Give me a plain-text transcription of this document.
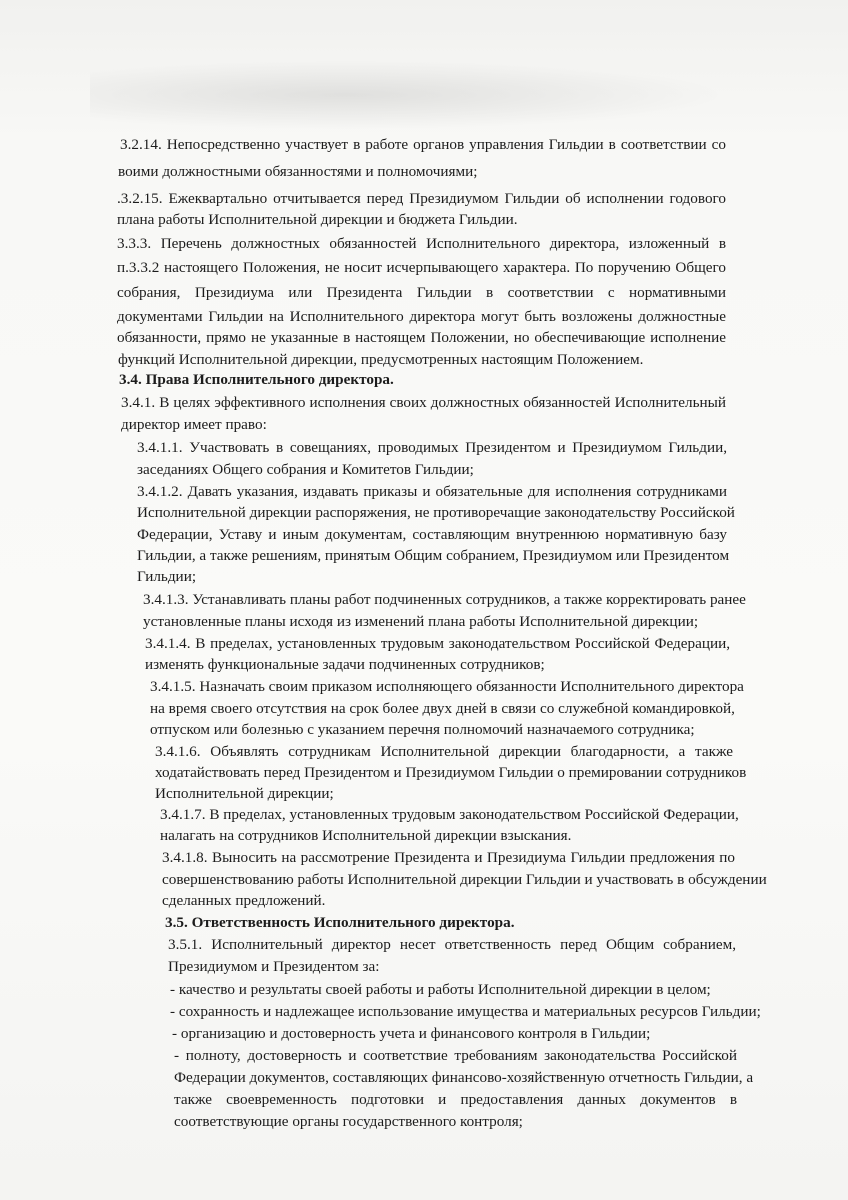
3.2.14. Непосредственно участвует в работе органов управления Гильдии в соответствии со
воими должностными обязанностями и полномочиями;
.3.2.15. Ежеквартально отчитывается перед Президиумом Гильдии об исполнении годового
плана работы Исполнительной дирекции и бюджета Гильдии.
3.3.3. Перечень должностных обязанностей Исполнительного директора, изложенный в
п.3.3.2 настоящего Положения, не носит исчерпывающего характера. По поручению Общего
собрания, Президиума или Президента Гильдии в соответствии с нормативными
документами Гильдии на Исполнительного директора могут быть возложены должностные
обязанности, прямо не указанные в настоящем Положении, но обеспечивающие исполнение
функций Исполнительной дирекции, предусмотренных настоящим Положением.
3.4. Права Исполнительного директора.
3.4.1. В целях эффективного исполнения своих должностных обязанностей Исполнительный
директор имеет право:
3.4.1.1. Участвовать в совещаниях, проводимых Президентом и Президиумом Гильдии,
заседаниях Общего собрания и Комитетов Гильдии;
3.4.1.2. Давать указания, издавать приказы и обязательные для исполнения сотрудниками
Исполнительной дирекции распоряжения, не противоречащие законодательству Российской
Федерации, Уставу и иным документам, составляющим внутреннюю нормативную базу
Гильдии, а также решениям, принятым Общим собранием, Президиумом или Президентом
Гильдии;
3.4.1.3. Устанавливать планы работ подчиненных сотрудников, а также корректировать ранее
установленные планы исходя из изменений плана работы Исполнительной дирекции;
3.4.1.4. В пределах, установленных трудовым законодательством Российской Федерации,
изменять функциональные задачи подчиненных сотрудников;
3.4.1.5. Назначать своим приказом исполняющего обязанности Исполнительного директора
на время своего отсутствия на срок более двух дней в связи со служебной командировкой,
отпуском или болезнью с указанием перечня полномочий назначаемого сотрудника;
3.4.1.6. Объявлять сотрудникам Исполнительной дирекции благодарности, а также
ходатайствовать перед Президентом и Президиумом Гильдии о премировании сотрудников
Исполнительной дирекции;
3.4.1.7. В пределах, установленных трудовым законодательством Российской Федерации,
налагать на сотрудников Исполнительной дирекции взыскания.
3.4.1.8. Выносить на рассмотрение Президента и Президиума Гильдии предложения по
совершенствованию работы Исполнительной дирекции Гильдии и участвовать в обсуждении
сделанных предложений.
3.5. Ответственность Исполнительного директора.
3.5.1. Исполнительный директор несет ответственность перед Общим собранием,
Президиумом и Президентом за:
- качество и результаты своей работы и работы Исполнительной дирекции в целом;
- сохранность и надлежащее использование имущества и материальных ресурсов Гильдии;
- организацию и достоверность учета и финансового контроля в Гильдии;
- полноту, достоверность и соответствие требованиям законодательства Российской
Федерации документов, составляющих финансово-хозяйственную отчетность Гильдии, а
также своевременность подготовки и предоставления данных документов в
соответствующие органы государственного контроля;
